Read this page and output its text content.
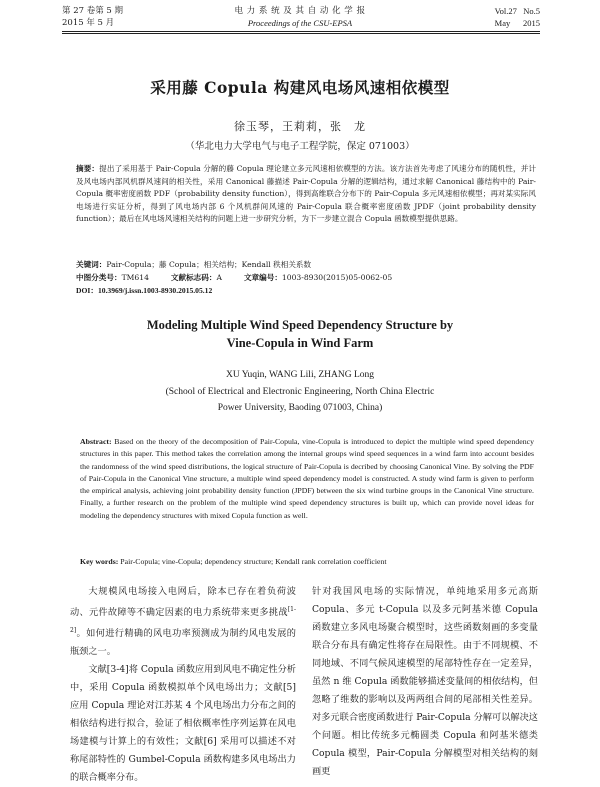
第 27 卷第 5 期
2015 年 5 月
电 力 系 统 及 其 自 动 化 学 报
Proceedings of the CSU-EPSA
Vol.27   No.5
May      2015
采用藤 Copula 构建风电场风速相依模型
徐玉琴，王莉莉，张　龙
（华北电力大学电气与电子工程学院，保定 071003）
摘要：提出了采用基于 Pair-Copula 分解的藤 Copula 理论建立多元风速相依模型的方法。该方法首先考虑了风速分布的随机性，并计及风电场内部风机群风速间的相关性，采用 Canonical 藤描述 Pair-Copula 分解的逻辑结构，通过求解 Canonical 藤结构中的 Pair-Copula 概率密度函数 PDF（probability density function），得到高维联合分布下的 Pair-Copula 多元风速相依模型；再对某实际风电场进行实证分析，得到了风电场内部 6 个风机群间风速的 Pair-Copula 联合概率密度函数 JPDF（joint probability density function）；最后在风电场风速相关结构的问题上进一步研究分析，为下一步建立混合 Copula 函数模型提供思路。
关键词：Pair-Copula；藤 Copula；相关结构；Kendall 秩相关系数
中图分类号：TM614	文献标志码：A	文章编号：1003-8930(2015)05-0062-05
DOI：10.3969/j.issn.1003-8930.2015.05.12
Modeling Multiple Wind Speed Dependency Structure by
Vine-Copula in Wind Farm
XU Yuqin, WANG Lili, ZHANG Long
(School of Electrical and Electronic Engineering, North China Electric
Power University, Baoding 071003, China)
Abstract: Based on the theory of the decomposition of Pair-Copula, vine-Copula is introduced to depict the multiple wind speed dependency structures in this paper. This method takes the correlation among the internal groups wind speed sequences in a wind farm into account besides the randomness of the wind speed distributions, the logical structure of Pair-Copula is decribed by choosing Canonical Vine. By solving the PDF of Pair-Copula in the Canonical Vine structure, a multiple wind speed dependency model is constructed. A study wind farm is given to perform the empirical analysis, achieving joint probability density function (JPDF) between the six wind turbine groups in the Canonical Vine structure. Finally, a further research on the problem of the multiple wind speed dependency structures is built up, which can provide novel ideas for modeling the dependency structures with mixed Copula function as well.
Key words: Pair-Copula; vine-Copula; dependency structure; Kendall rank correlation coefficient

大规模风电场接入电网后，除本已存在着负荷波动、元件故障等不确定因素的电力系统带来更多挑战[1-2]。如何进行精确的风电功率预测成为制约风电发展的瓶颈之一。

文献[3-4]将 Copula 函数应用到风电不确定性分析中，采用 Copula 函数模拟单个风电场出力；文献[5]应用 Copula 理论对江苏某 4 个风电场出力分布之间的相依结构进行拟合，验证了相依概率性序列运算在风电场建模与计算上的有效性；文献[6] 采用可以描述不对称尾部特性的 Gumbel-Copula 函数构建多风电场出力的联合概率分布。

针对我国风电场的实际情况，单纯地采用多元高斯 Copula、多元 t-Copula 以及多元阿基米德 Copula 函数建立多风电场聚合模型时，这些函数刻画的多变量联合分布具有确定性将存在局限性。由于不同规模、不同地域、不同气候风速模型的尾部特性存在一定差异，虽然 n 维 Copula 函数能够描述变量间的相依结构，但忽略了维数的影响以及两两组合间的尾部相关性差异。对多元联合密度函数进行 Pair-Copula 分解可以解决这个问题。相比传统多元椭圆类 Copula 和阿基米德类 Copula 模型，Pair-Copula 分解模型对相关结构的刻画更
